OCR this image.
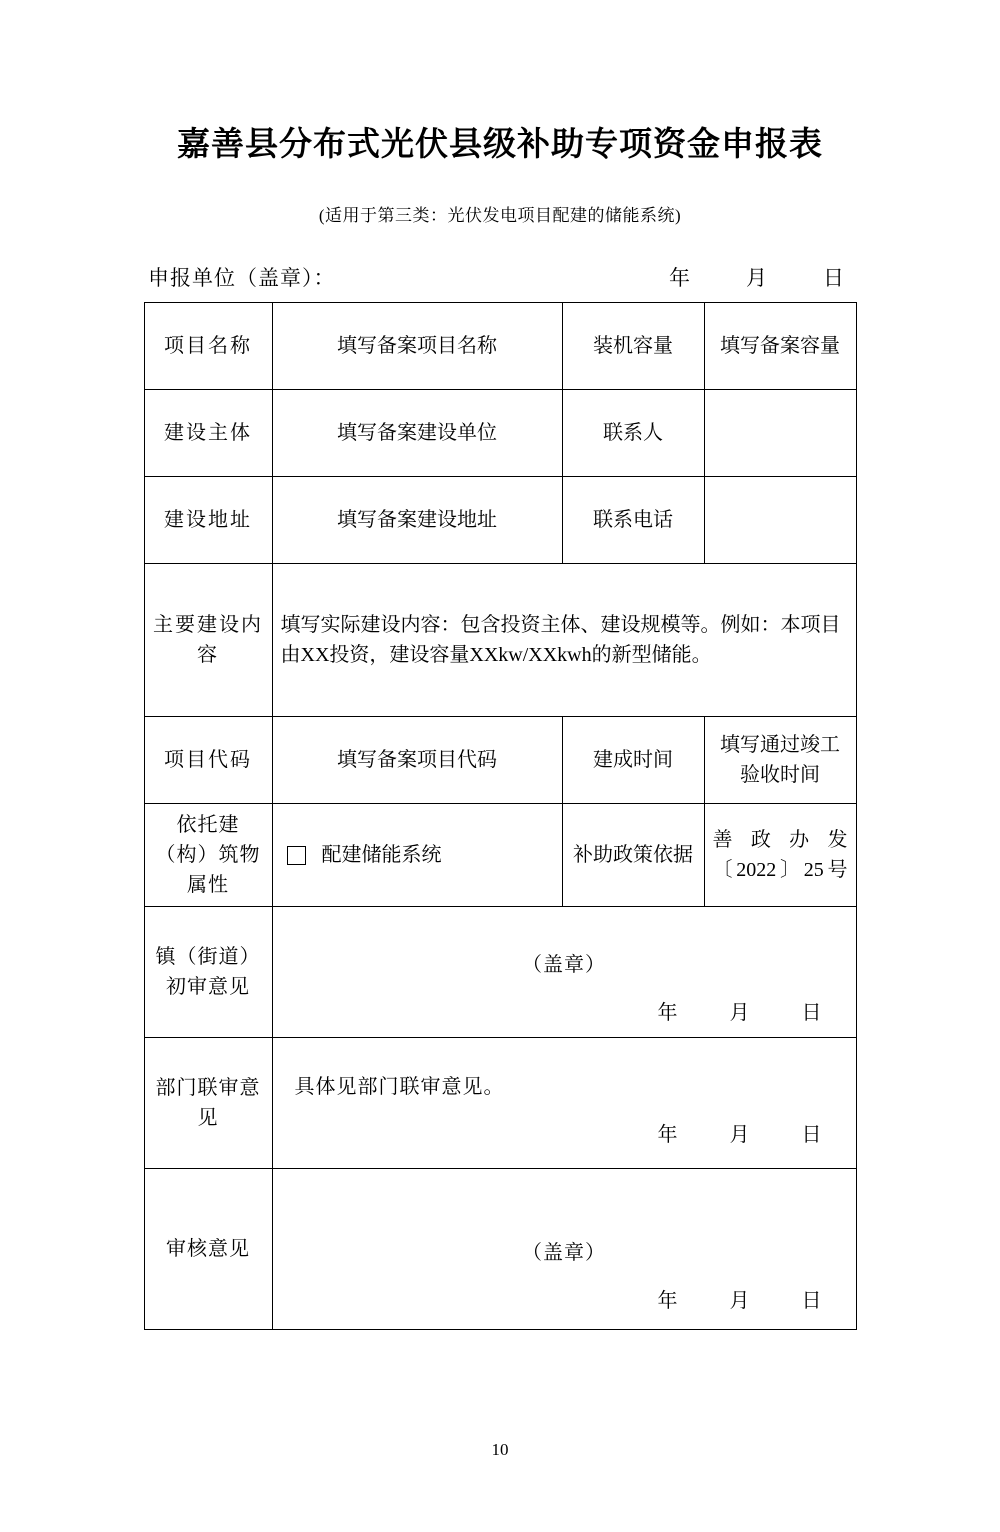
嘉善县分布式光伏县级补助专项资金申报表
(适用于第三类：光伏发电项目配建的储能系统)
申报单位（盖章）：	年	月	日
项目名称	填写备案项目名称	装机容量	填写备案容量
建设主体	填写备案建设单位	联系人	
建设地址	填写备案建设地址	联系电话	
主要建设内容	填写实际建设内容：包含投资主体、建设规模等。例如：本项目由XX投资，建设容量XXkw/XXkwh的新型储能。		
项目代码	填写备案项目代码	建成时间	填写通过竣工验收时间
依托建（构）筑物属性	配建储能系统	补助政策依据	善政办发〔2022〕25号
镇（街道）初审意见	（盖章）
年 月 日		

部门联审意见	具体见部门联审意见。
年 月 日		

审核意见	（盖章）
年 月 日		
10
